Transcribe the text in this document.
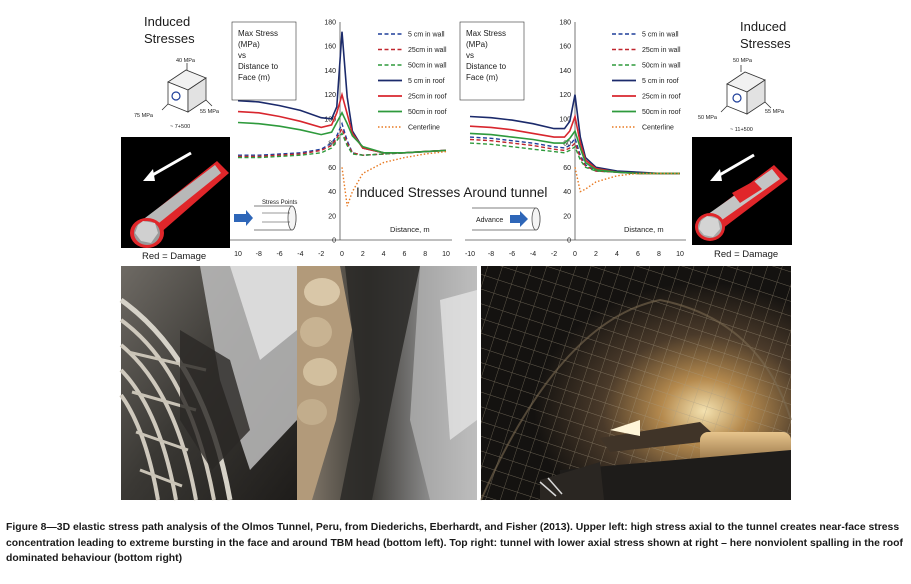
Induced
Stresses
40 MPa
75 MPa
55 MPa
~ 7+500
Red = Damage
Induced
Stresses
50 MPa
50 MPa
55 MPa
~ 11+500
Red = Damage
10 -8 -6 -4 -2 0 2 4 6 8 10
0
20
40
60
80
100
120
140
160
180
Max Stress
(MPa)
vs
Distance to
Face (m)
5 cm in wall
25cm in wall
50cm in wall
5 cm in roof
25cm in roof
50cm in roof
Centerline
Distance, m
Stress Points
-10 -8 -6 -4 -2 0 2 4 6 8 10
0
20
40
60
80
100
120
140
160
180
Max Stress
(MPa)
vs
Distance to
Face (m)
5 cm in wall
25cm in wall
50cm in wall
5 cm in roof
25cm in roof
50cm in roof
Centerline
Distance, m
Advance
Induced Stresses Around tunnel
Figure 8—3D elastic stress path analysis of the Olmos Tunnel, Peru, from Diederichs, Eberhardt, and Fisher (2013). Upper left: high stress axial to the tunnel creates near-face stress concentration leading to extreme bursting in the face and around TBM head (bottom left). Top right: tunnel with lower axial stress shown at right – here nonviolent spalling in the roof dominated behaviour (bottom right)
